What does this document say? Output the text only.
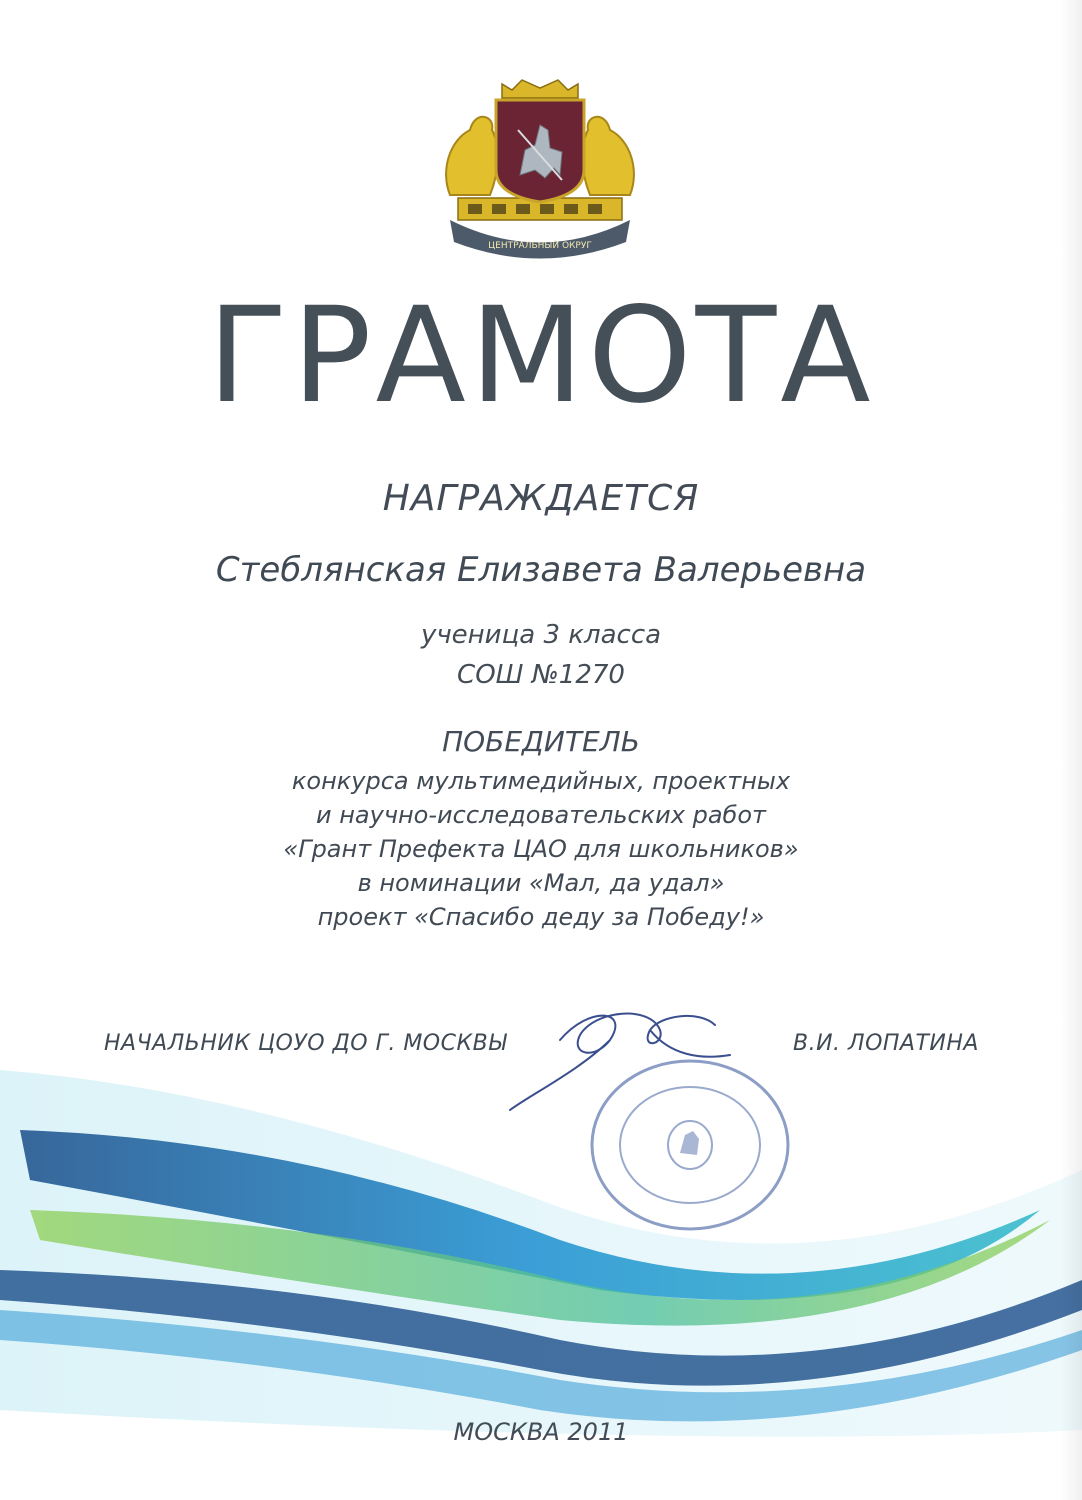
ЦЕНТРАЛЬНЫЙ ОКРУГ
ГРАМОТА
НАГРАЖДАЕТСЯ
Стеблянская Елизавета Валерьевна
ученица 3 класса
СОШ №1270
ПОБЕДИТЕЛЬ
конкурса мультимедийных, проектных
и научно-исследовательских работ
«Грант Префекта ЦАО для школьников»
в номинации «Мал, да удал»
проект «Спасибо деду за Победу!»
НАЧАЛЬНИК ЦОУО ДО Г. МОСКВЫ	В.И. ЛОПАТИНА
МОСКВА 2011
